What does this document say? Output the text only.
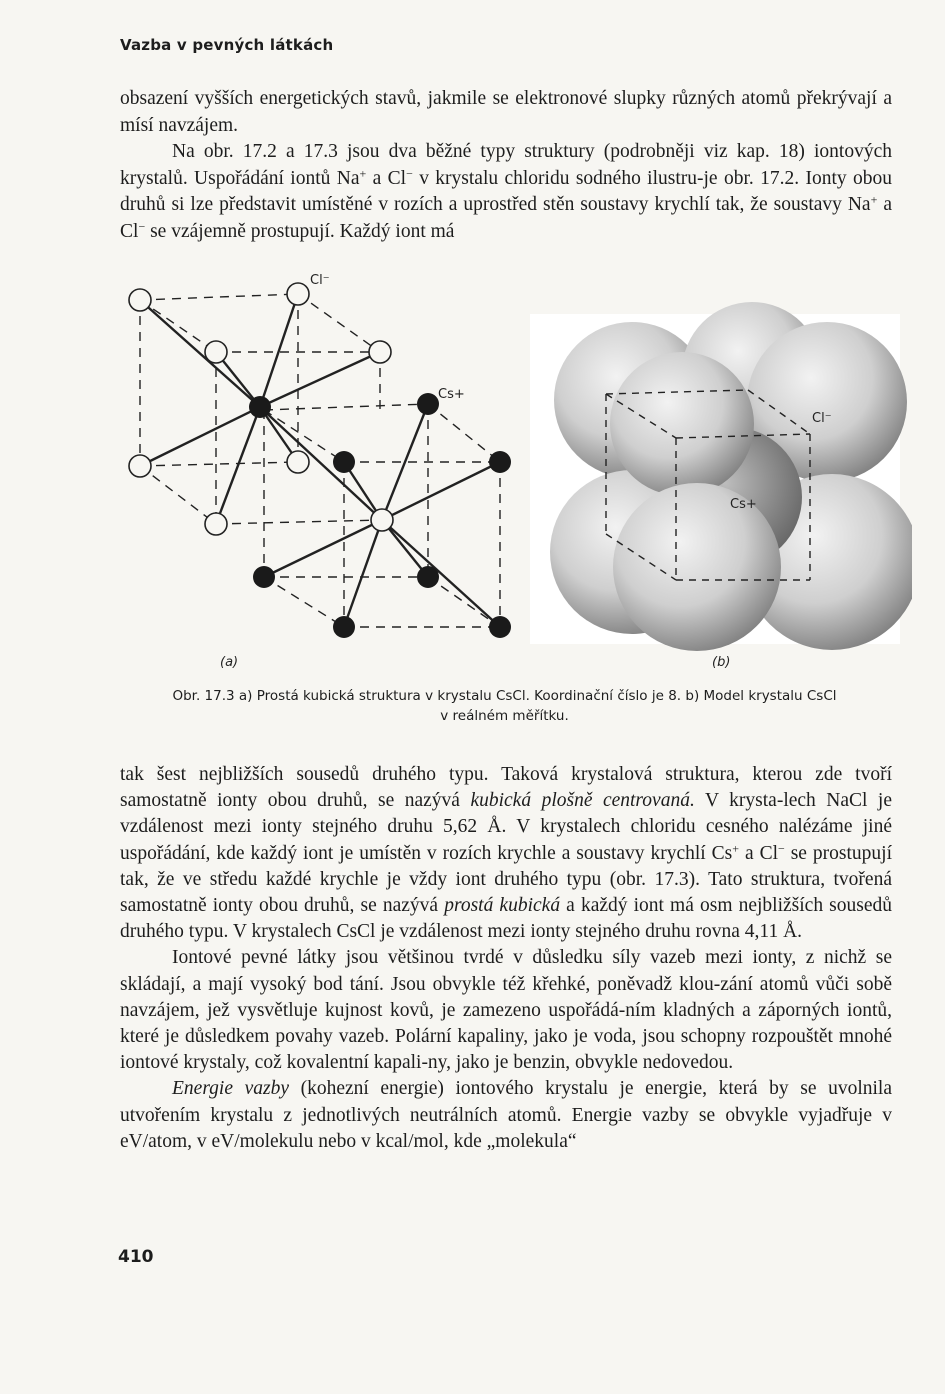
Vazba v pevných látkách

obsazení vyšších energetických stavů, jakmile se elektronové slupky různých atomů překrývají a mísí navzájem.

Na obr. 17.2 a 17.3 jsou dva běžné typy struktury (podrobněji viz kap. 18) iontových krystalů. Uspořádání iontů Na+ a Cl− v krystalu chloridu sodného ilustru-je obr. 17.2. Ionty obou druhů si lze představit umístěné v rozích a uprostřed stěn soustavy krychlí tak, že soustavy Na+ a Cl− se vzájemně prostupují. Každý iont má

Cl⁻
Cs+
(a)
Cl⁻
Cs+
(b)
Obr. 17.3 a) Prostá kubická struktura v krystalu CsCl. Koordinační číslo je 8. b) Model krystalu CsCl
v reálném měřítku.

tak šest nejbližších sousedů druhého typu. Taková krystalová struktura, kterou zde tvoří samostatně ionty obou druhů, se nazývá kubická plošně centrovaná. V krysta-lech NaCl je vzdálenost mezi ionty stejného druhu 5,62 Å. V krystalech chloridu cesného nalézáme jiné uspořádání, kde každý iont je umístěn v rozích krychle a soustavy krychlí Cs+ a Cl− se prostupují tak, že ve středu každé krychle je vždy iont druhého typu (obr. 17.3). Tato struktura, tvořená samostatně ionty obou druhů, se nazývá prostá kubická a každý iont má osm nejbližších sousedů druhého typu. V krystalech CsCl je vzdálenost mezi ionty stejného druhu rovna 4,11 Å.

Iontové pevné látky jsou většinou tvrdé v důsledku síly vazeb mezi ionty, z nichž se skládají, a mají vysoký bod tání. Jsou obvykle též křehké, poněvadž klou-zání atomů vůči sobě navzájem, jež vysvětluje kujnost kovů, je zamezeno uspořádá-ním kladných a záporných iontů, které je důsledkem povahy vazeb. Polární kapaliny, jako je voda, jsou schopny rozpouštět mnohé iontové krystaly, což kovalentní kapali-ny, jako je benzin, obvykle nedovedou.

Energie vazby (kohezní energie) iontového krystalu je energie, která by se uvolnila utvořením krystalu z jednotlivých neutrálních atomů. Energie vazby se obvykle vyjadřuje v eV/atom, v eV/molekulu nebo v kcal/mol, kde „molekula“

410
